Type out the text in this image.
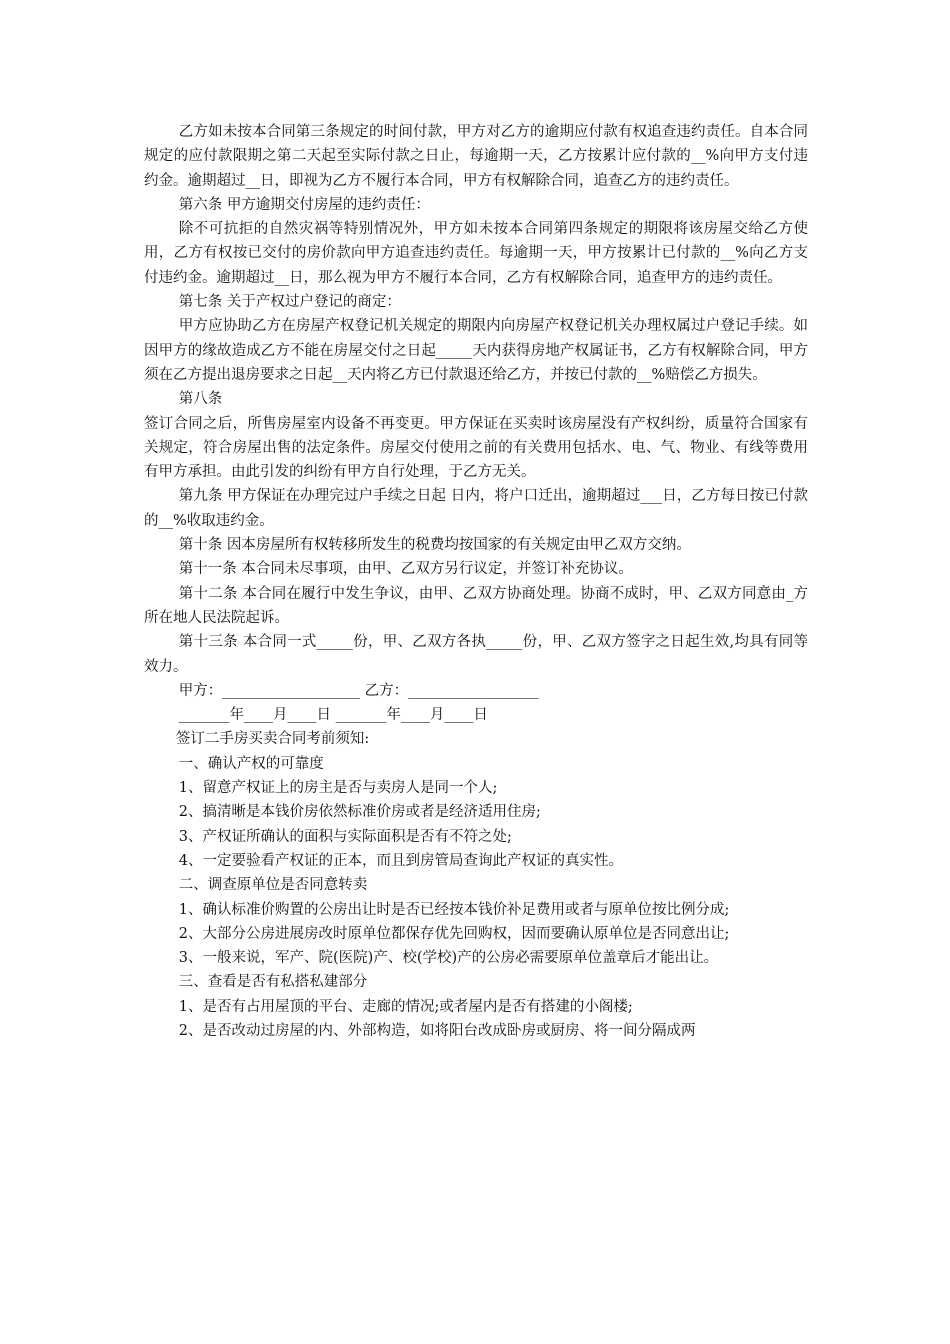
乙方如未按本合同第三条规定的时间付款，甲方对乙方的逾期应付款有权追查违约责任。自本合同规定的应付款限期之第二天起至实际付款之日止，每逾期一天，乙方按累计应付款的__%向甲方支付违约金。逾期超过__日，即视为乙方不履行本合同，甲方有权解除合同，追查乙方的违约责任。

第六条 甲方逾期交付房屋的违约责任：

除不可抗拒的自然灾祸等特别情况外，甲方如未按本合同第四条规定的期限将该房屋交给乙方使用，乙方有权按已交付的房价款向甲方追查违约责任。每逾期一天，甲方按累计已付款的__%向乙方支付违约金。逾期超过__日，那么视为甲方不履行本合同，乙方有权解除合同，追查甲方的违约责任。

第七条 关于产权过户登记的商定：

甲方应协助乙方在房屋产权登记机关规定的期限内向房屋产权登记机关办理权属过户登记手续。如因甲方的缘故造成乙方不能在房屋交付之日起_____天内获得房地产权属证书，乙方有权解除合同，甲方须在乙方提出退房要求之日起__天内将乙方已付款退还给乙方，并按已付款的__%赔偿乙方损失。

第八条

签订合同之后，所售房屋室内设备不再变更。甲方保证在买卖时该房屋没有产权纠纷，质量符合国家有关规定，符合房屋出售的法定条件。房屋交付使用之前的有关费用包括水、电、气、物业、有线等费用有甲方承担。由此引发的纠纷有甲方自行处理，于乙方无关。

第九条 甲方保证在办理完过户手续之日起 日内，将户口迁出，逾期超过___日，乙方每日按已付款的__%收取违约金。

第十条 因本房屋所有权转移所发生的税费均按国家的有关规定由甲乙双方交纳。

第十一条 本合同未尽事项，由甲、乙双方另行议定，并签订补充协议。

第十二条 本合同在履行中发生争议，由甲、乙双方协商处理。协商不成时，甲、乙双方同意由_方所在地人民法院起诉。

第十三条 本合同一式_____份，甲、乙双方各执_____份，甲、乙双方签字之日起生效,均具有同等效力。

甲方：___________________ 乙方：__________________

_______年____月____日 _______年____月____日

签订二手房买卖合同考前须知:

一、确认产权的可靠度

1、留意产权证上的房主是否与卖房人是同一个人;

2、搞清晰是本钱价房依然标准价房或者是经济适用住房;

3、产权证所确认的面积与实际面积是否有不符之处;

4、一定要验看产权证的正本，而且到房管局查询此产权证的真实性。

二、调查原单位是否同意转卖

1、确认标准价购置的公房出让时是否已经按本钱价补足费用或者与原单位按比例分成;

2、大部分公房进展房改时原单位都保存优先回购权，因而要确认原单位是否同意出让;

3、一般来说，军产、院(医院)产、校(学校)产的公房必需要原单位盖章后才能出让。

三、查看是否有私搭私建部分

1、是否有占用屋顶的平台、走廊的情况;或者屋内是否有搭建的小阁楼;

2、是否改动过房屋的内、外部构造，如将阳台改成卧房或厨房、将一间分隔成两
